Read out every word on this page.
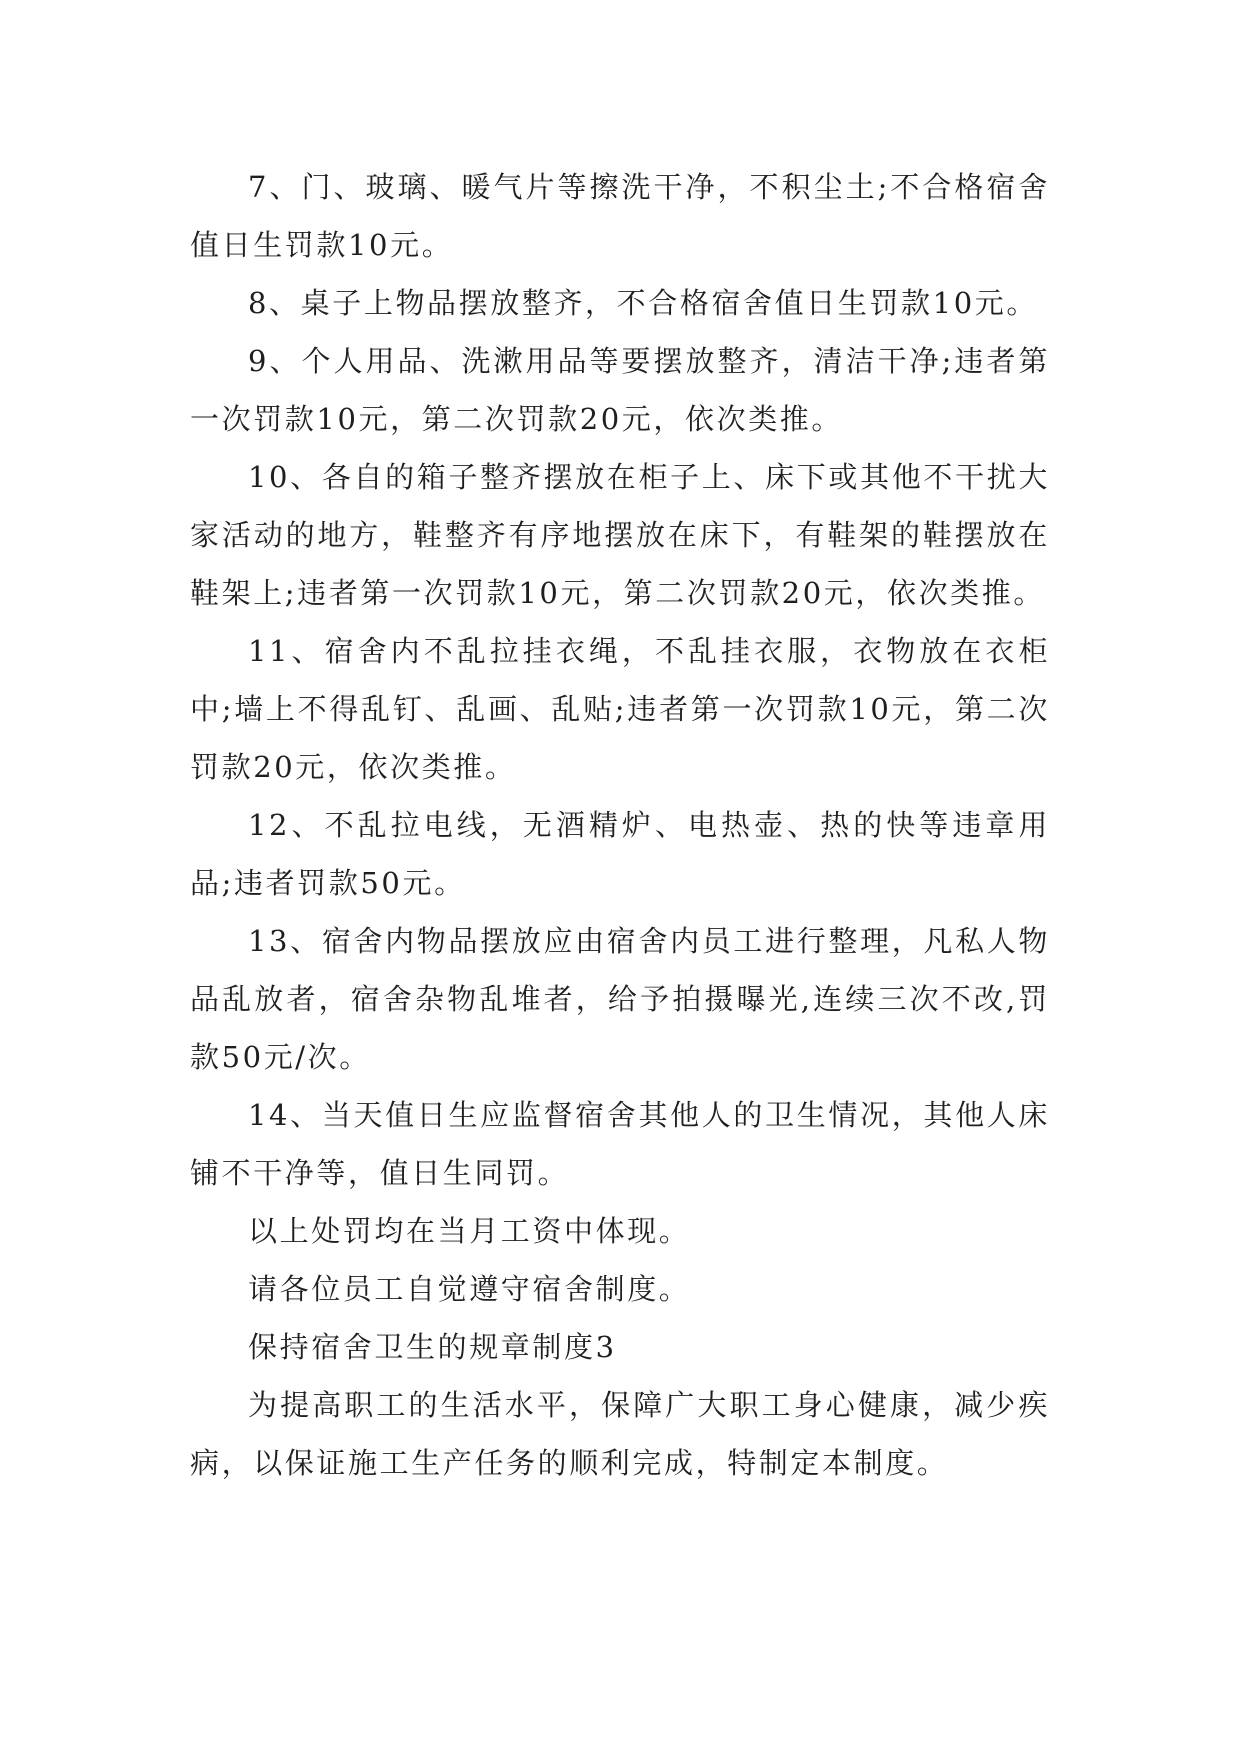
7、门、玻璃、暖气片等擦洗干净，不积尘土;不合格宿舍值日生罚款10元。

8、桌子上物品摆放整齐，不合格宿舍值日生罚款10元。

9、个人用品、洗漱用品等要摆放整齐，清洁干净;违者第一次罚款10元，第二次罚款20元，依次类推。

10、各自的箱子整齐摆放在柜子上、床下或其他不干扰大家活动的地方，鞋整齐有序地摆放在床下，有鞋架的鞋摆放在鞋架上;违者第一次罚款10元，第二次罚款20元，依次类推。

11、宿舍内不乱拉挂衣绳，不乱挂衣服，衣物放在衣柜中;墙上不得乱钉、乱画、乱贴;违者第一次罚款10元，第二次罚款20元，依次类推。

12、不乱拉电线，无酒精炉、电热壶、热的快等违章用品;违者罚款50元。

13、宿舍内物品摆放应由宿舍内员工进行整理，凡私人物品乱放者，宿舍杂物乱堆者，给予拍摄曝光,连续三次不改,罚款50元/次。

14、当天值日生应监督宿舍其他人的卫生情况，其他人床铺不干净等，值日生同罚。

以上处罚均在当月工资中体现。

请各位员工自觉遵守宿舍制度。

保持宿舍卫生的规章制度3

为提高职工的生活水平，保障广大职工身心健康，减少疾病，以保证施工生产任务的顺利完成，特制定本制度。
